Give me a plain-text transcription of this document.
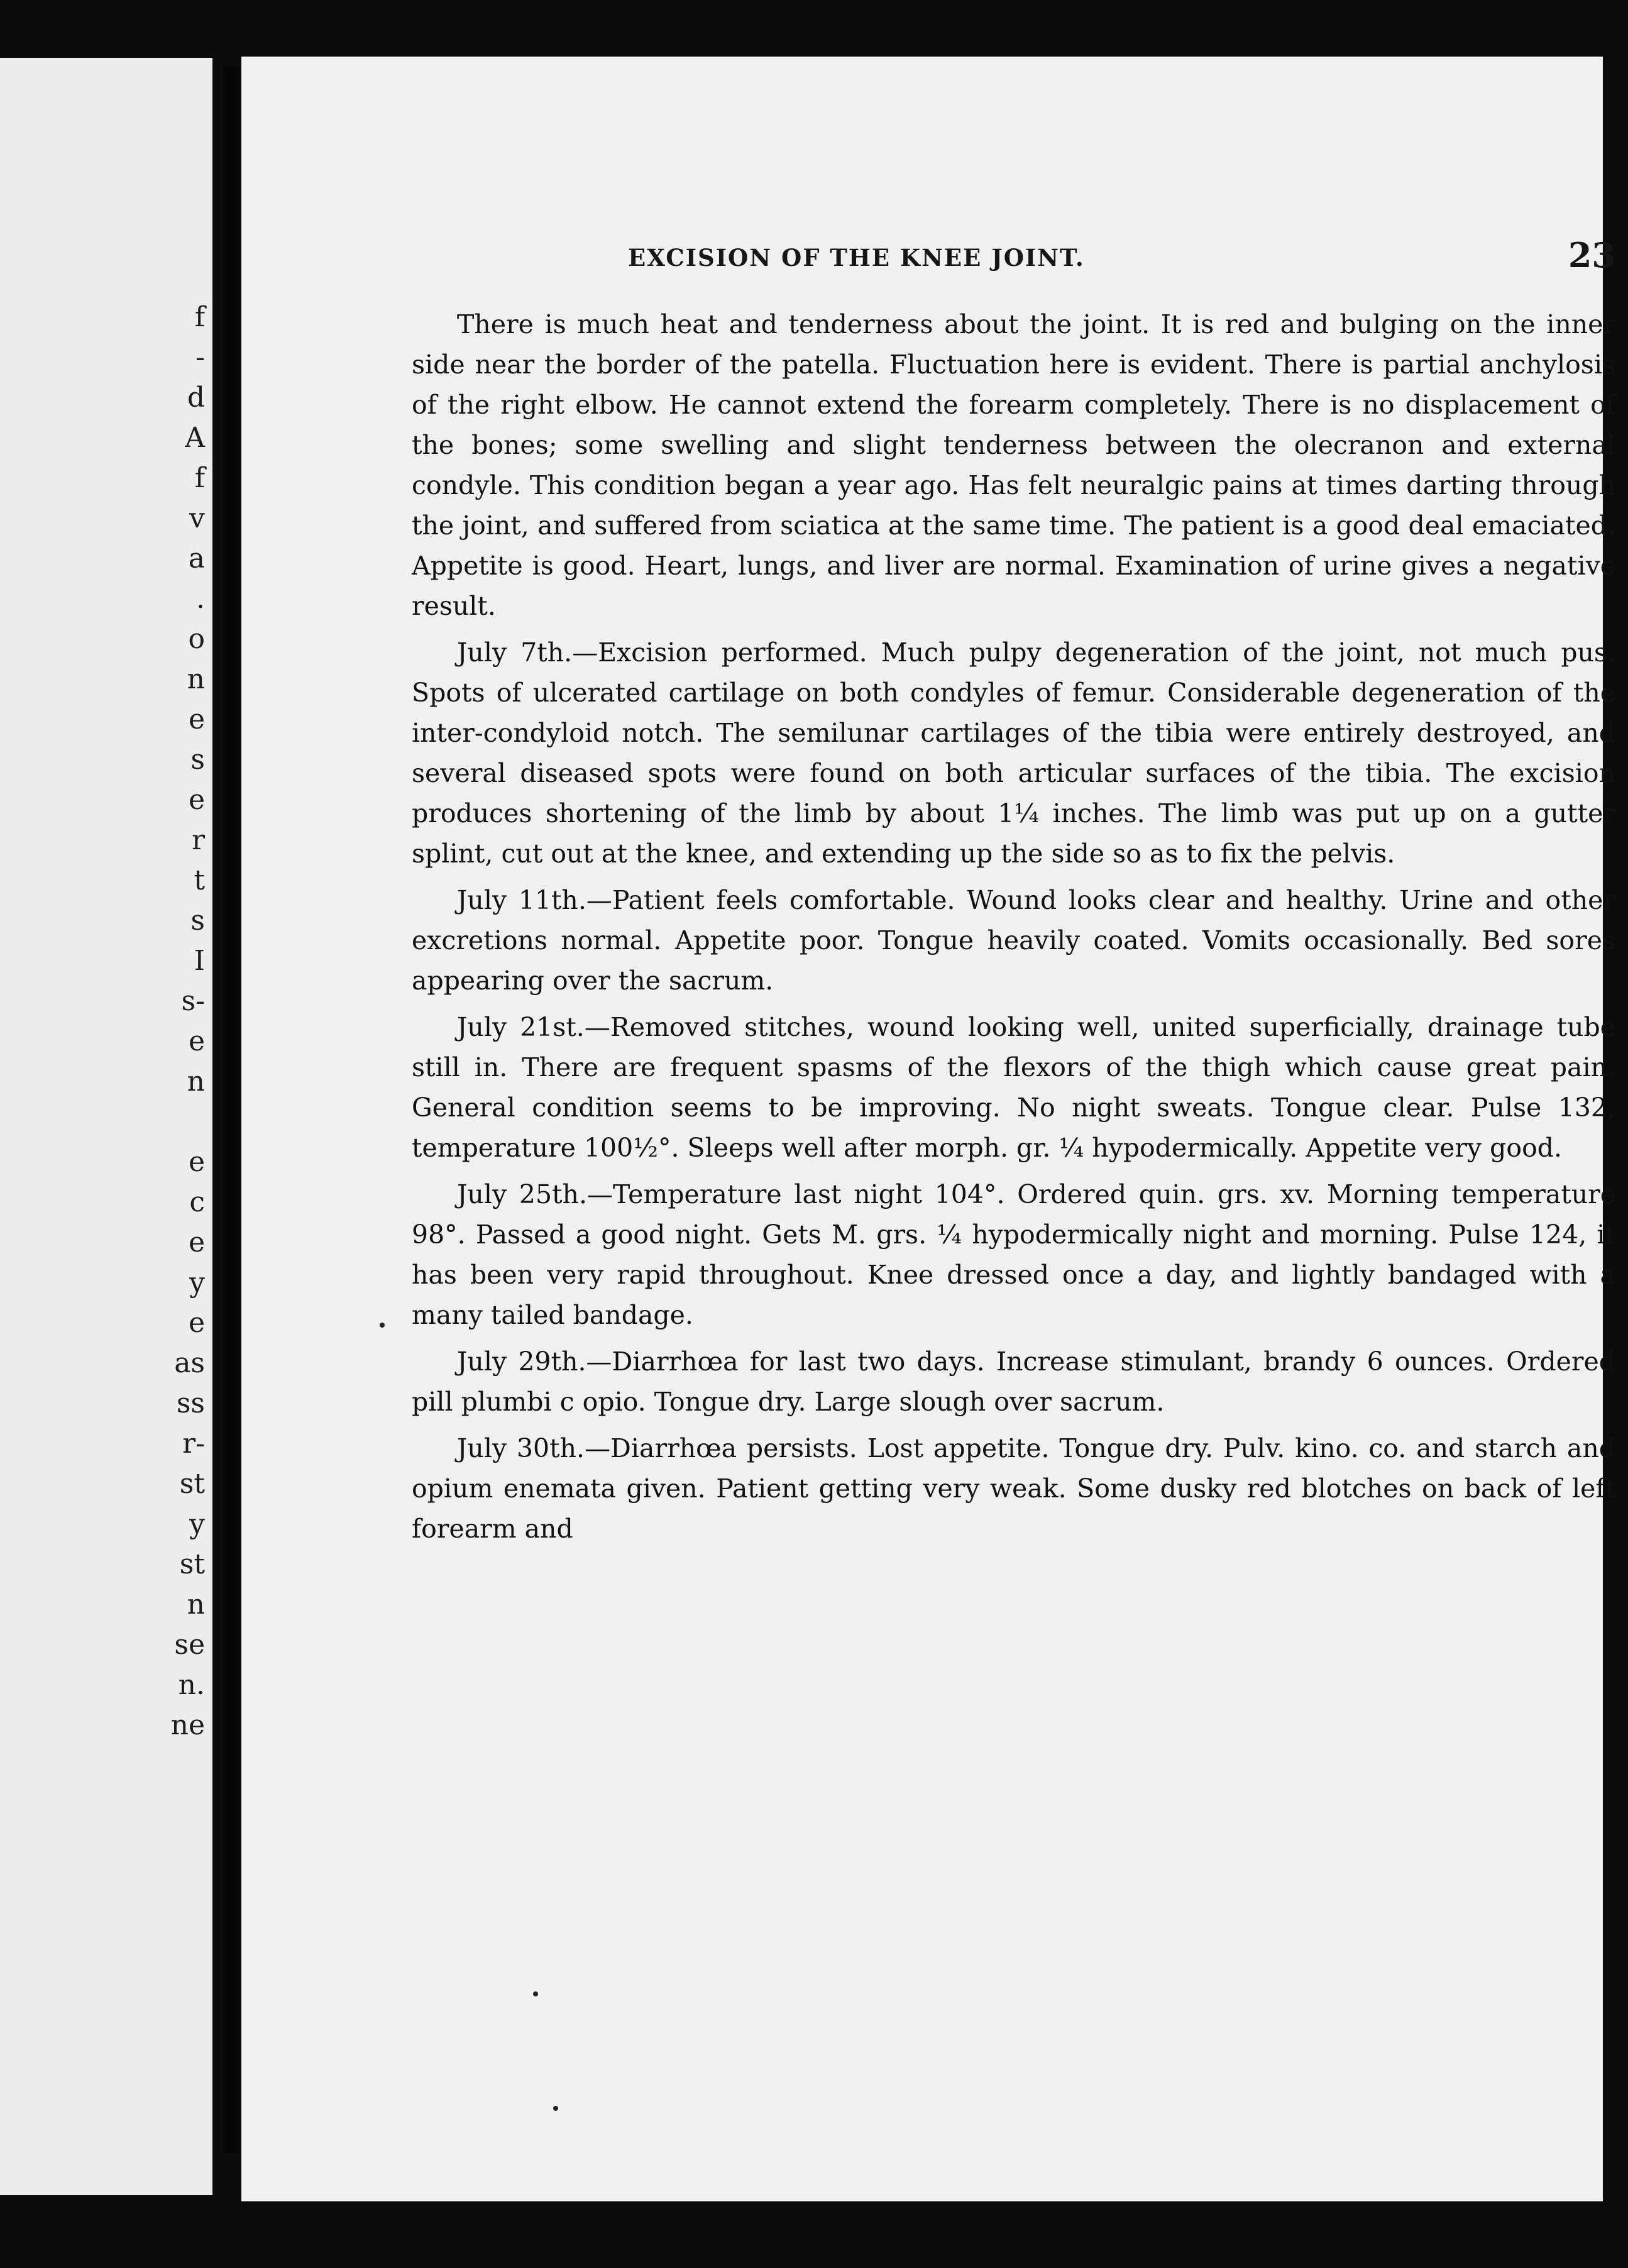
f
-
d
A
f
v
a
.
o
n
e
s
e
r
t
s
I
s-
e
n
e
c
e
y
e
as
ss
r-
st
y
st
n
se
n.
ne
EXCISION OF THE KNEE JOINT.	23

There is much heat and tenderness about the joint. It is red and bulging on the inner side near the border of the patella. Fluctuation here is evident. There is partial anchylosis of the right elbow. He cannot extend the forearm completely. There is no displacement of the bones; some swelling and slight tenderness between the olecranon and external condyle. This condition began a year ago. Has felt neuralgic pains at times darting through the joint, and suffered from sciatica at the same time. The patient is a good deal emaciated. Appetite is good. Heart, lungs, and liver are normal. Examination of urine gives a negative result.

July 7th.—Excision performed. Much pulpy degeneration of the joint, not much pus. Spots of ulcerated cartilage on both condyles of femur. Considerable degeneration of the inter-condyloid notch. The semilunar cartilages of the tibia were entirely destroyed, and several diseased spots were found on both articular surfaces of the tibia. The excision produces shortening of the limb by about 1¼ inches. The limb was put up on a gutter splint, cut out at the knee, and extending up the side so as to fix the pelvis.

July 11th.—Patient feels comfortable. Wound looks clear and healthy. Urine and other excretions normal. Appetite poor. Tongue heavily coated. Vomits occasionally. Bed sores appearing over the sacrum.

July 21st.—Removed stitches, wound looking well, united superficially, drainage tube still in. There are frequent spasms of the flexors of the thigh which cause great pain. General condition seems to be improving. No night sweats. Tongue clear. Pulse 132, temperature 100½°. Sleeps well after morph. gr. ¼ hypodermically. Appetite very good.

July 25th.—Temperature last night 104°. Ordered quin. grs. xv. Morning temperature 98°. Passed a good night. Gets M. grs. ¼ hypodermically night and morning. Pulse 124, it has been very rapid throughout. Knee dressed once a day, and lightly bandaged with a many tailed bandage.

July 29th.—Diarrhœa for last two days. Increase stimulant, brandy 6 ounces. Ordered pill plumbi c opio. Tongue dry. Large slough over sacrum.

July 30th.—Diarrhœa persists. Lost appetite. Tongue dry. Pulv. kino. co. and starch and opium enemata given. Patient getting very weak. Some dusky red blotches on back of left forearm and
